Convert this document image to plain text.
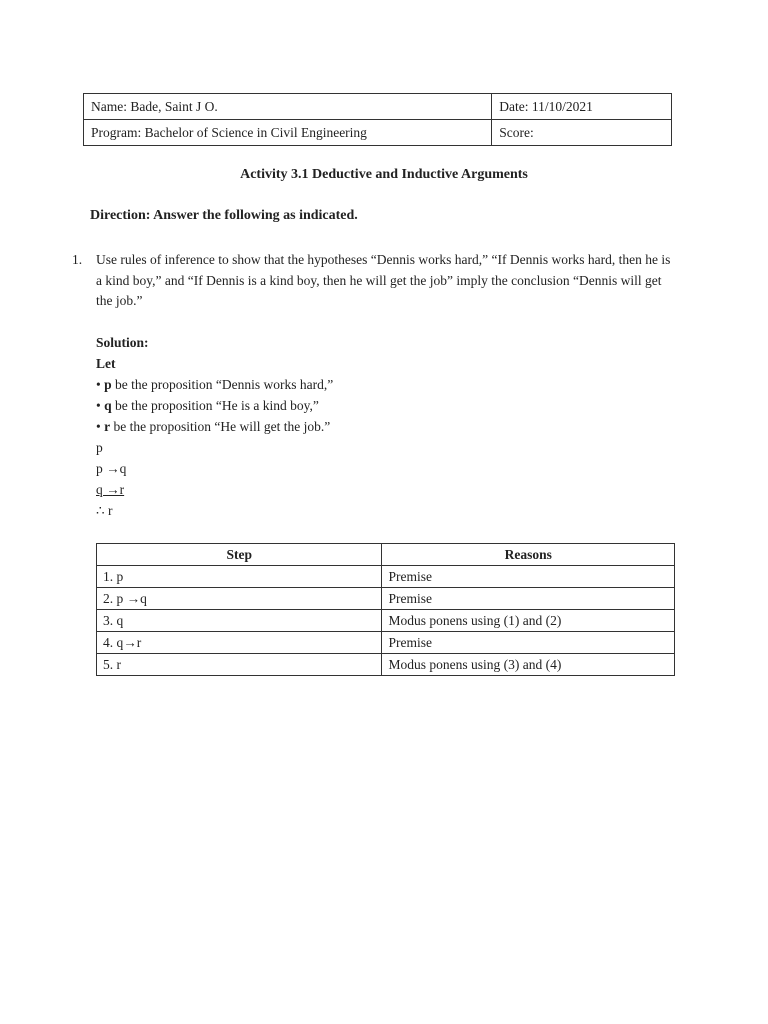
Name: Bade, Saint J O.	Date: 11/10/2021
Program: Bachelor of Science in Civil Engineering	Score:
Activity 3.1 Deductive and Inductive Arguments
Direction: Answer the following as indicated.
1. Use rules of inference to show that the hypotheses “Dennis works hard,” “If Dennis works hard, then he is a kind boy,” and “If Dennis is a kind boy, then he will get the job” imply the conclusion “Dennis will get the job.”
Solution:
Let
• p be the proposition “Dennis works hard,”
• q be the proposition “He is a kind boy,”
• r be the proposition “He will get the job.”
p
p →q
q →r
∴ r
Step	Reasons
1. p	Premise
2. p →q	Premise
3. q	Modus ponens using (1) and (2)
4. q→r	Premise
5. r	Modus ponens using (3) and (4)
